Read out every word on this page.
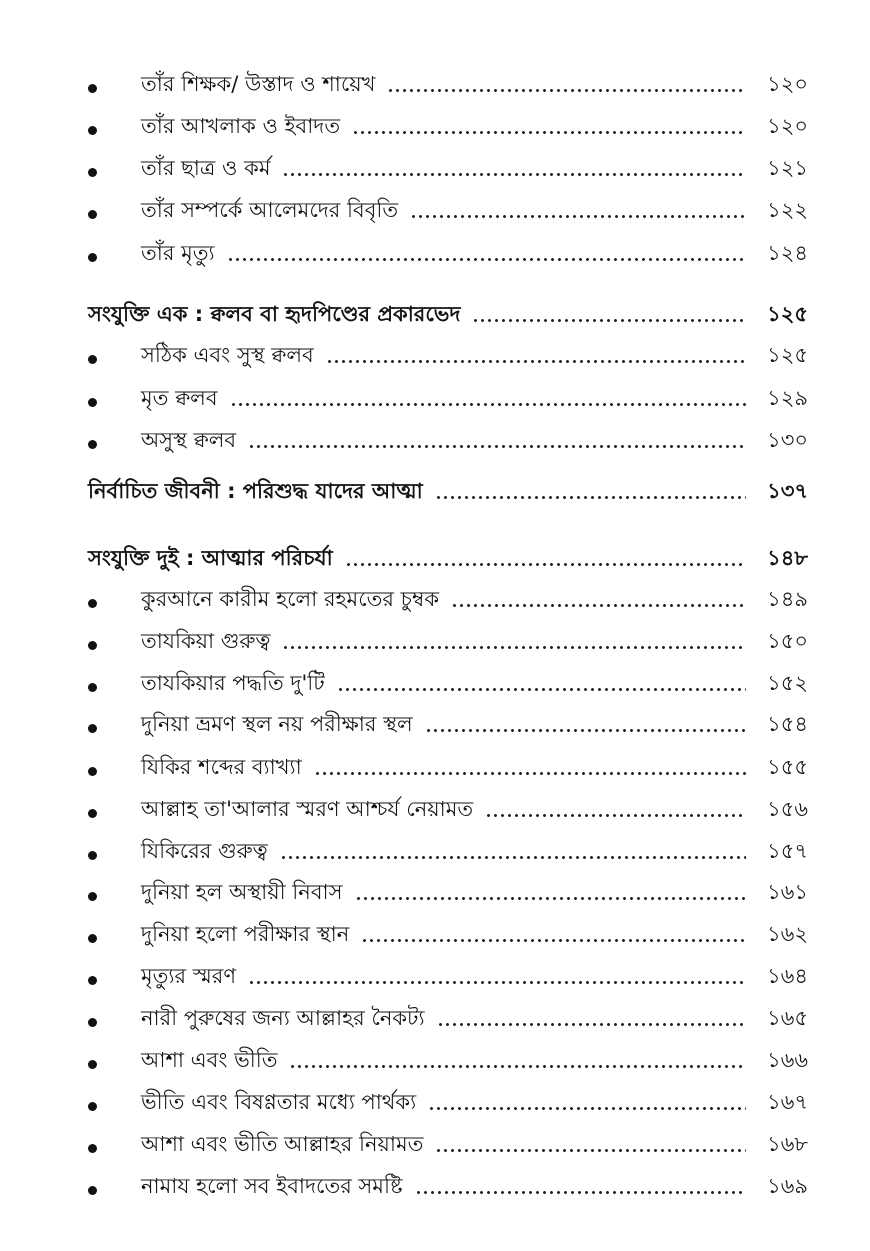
তাঁর শিক্ষক/ উস্তাদ ও শায়েখ	১২০
তাঁর আখলাক ও ইবাদত	১২০
তাঁর ছাত্র ও কর্ম	১২১
তাঁর সম্পর্কে আলেমদের বিবৃতি	১২২
তাঁর মৃত্যু	১২৪
সংযুক্তি এক : ক্বলব বা হৃদপিণ্ডের প্রকারভেদ	১২৫
সঠিক এবং সুস্থ ক্বলব	১২৫
মৃত ক্বলব	১২৯
অসুস্থ ক্বলব	১৩০
নির্বাচিত জীবনী : পরিশুদ্ধ যাদের আত্মা	১৩৭
সংযুক্তি দুই : আত্মার পরিচর্যা	১৪৮
কুরআনে কারীম হলো রহমতের চুম্বক	১৪৯
তাযকিয়া গুরুত্ব	১৫০
তাযকিয়ার পদ্ধতি দু'টি	১৫২
দুনিয়া ভ্রমণ স্থল নয় পরীক্ষার স্থল	১৫৪
যিকির শব্দের ব্যাখ্যা	১৫৫
আল্লাহ তা'আলার স্মরণ আশ্চর্য নেয়ামত	১৫৬
যিকিরের গুরুত্ব	১৫৭
দুনিয়া হল অস্থায়ী নিবাস	১৬১
দুনিয়া হলো পরীক্ষার স্থান	১৬২
মৃত্যুর স্মরণ	১৬৪
নারী পুরুষের জন্য আল্লাহর নৈকট্য	১৬৫
আশা এবং ভীতি	১৬৬
ভীতি এবং বিষণ্ণতার মধ্যে পার্থক্য	১৬৭
আশা এবং ভীতি আল্লাহর নিয়ামত	১৬৮
নামায হলো সব ইবাদতের সমষ্টি	১৬৯
